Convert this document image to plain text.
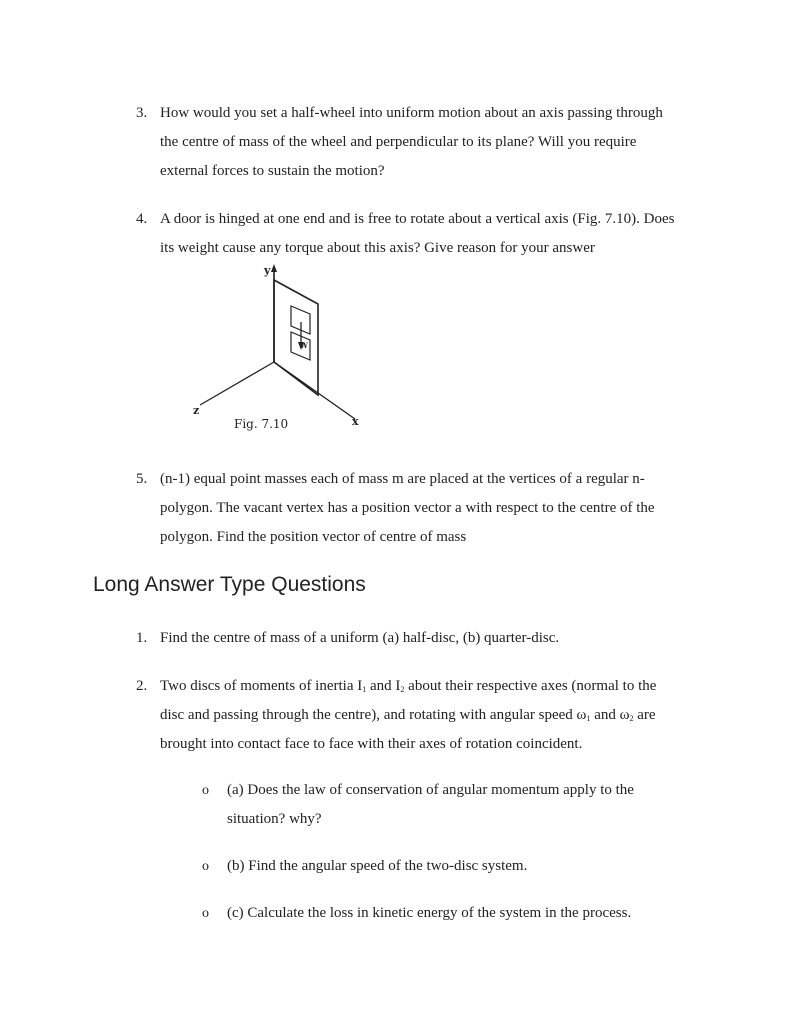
3. How would you set a half-wheel into uniform motion about an axis passing through
the centre of mass of the wheel and perpendicular to its plane? Will you require
external forces to sustain the motion?
4. A door is hinged at one end and is free to rotate about a vertical axis (Fig. 7.10). Does
its weight cause any torque about this axis? Give reason for your answer
W
y
z
x
Fig. 7.10
5. (n-1) equal point masses each of mass m are placed at the vertices of a regular n-
polygon. The vacant vertex has a position vector a with respect to the centre of the
polygon. Find the position vector of centre of mass
Long Answer Type Questions
1. Find the centre of mass of a uniform (a) half-disc, (b) quarter-disc.
2. Two discs of moments of inertia $I_1$ and $I_2$ about their respective axes (normal to the
disc and passing through the centre), and rotating with angular speed $\omega_1$ and $\omega_2$ are
brought into contact face to face with their axes of rotation coincident.
o	(a) Does the law of conservation of angular momentum apply to the
situation? why?
o	(b) Find the angular speed of the two-disc system.
o	(c) Calculate the loss in kinetic energy of the system in the process.
